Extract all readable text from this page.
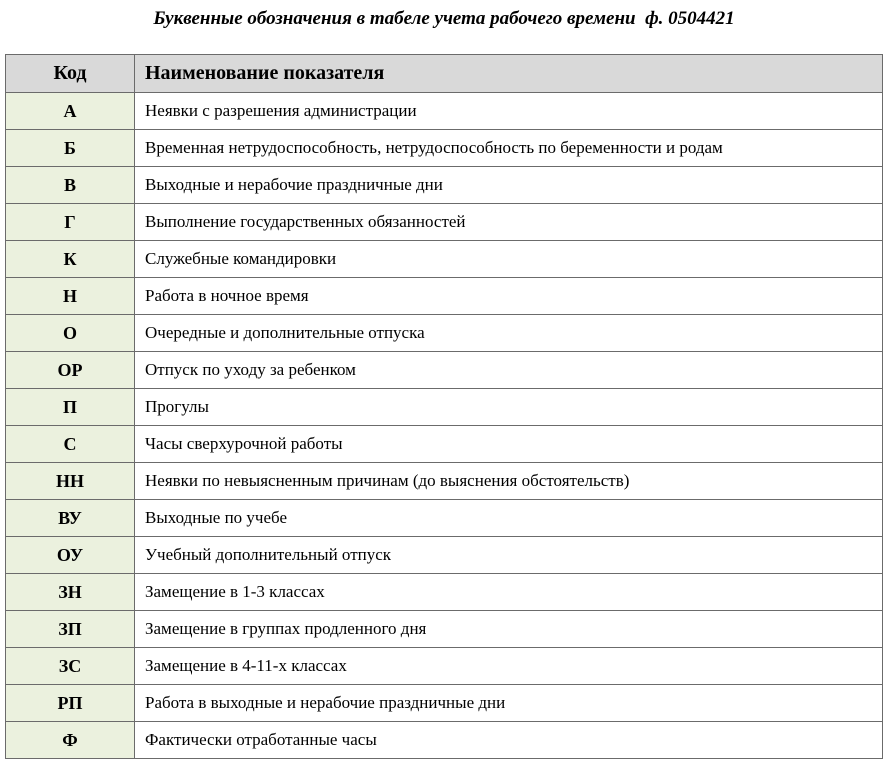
Буквенные обозначения в табеле учета рабочего времени  ф. 0504421
Код	Наименование показателя
А	Неявки с разрешения администрации
Б	Временная нетрудоспособность, нетрудоспособность по беременности и родам
В	Выходные и нерабочие праздничные дни
Г	Выполнение государственных обязанностей
К	Служебные командировки
Н	Работа в ночное время
О	Очередные и дополнительные отпуска
ОР	Отпуск по уходу за ребенком
П	Прогулы
С	Часы сверхурочной работы
НН	Неявки по невыясненным причинам (до выяснения обстоятельств)
ВУ	Выходные по учебе
ОУ	Учебный дополнительный отпуск
ЗН	Замещение в 1-3 классах
ЗП	Замещение в группах продленного дня
ЗС	Замещение в 4-11-х классах
РП	Работа в выходные и нерабочие праздничные дни
Ф	Фактически отработанные часы
